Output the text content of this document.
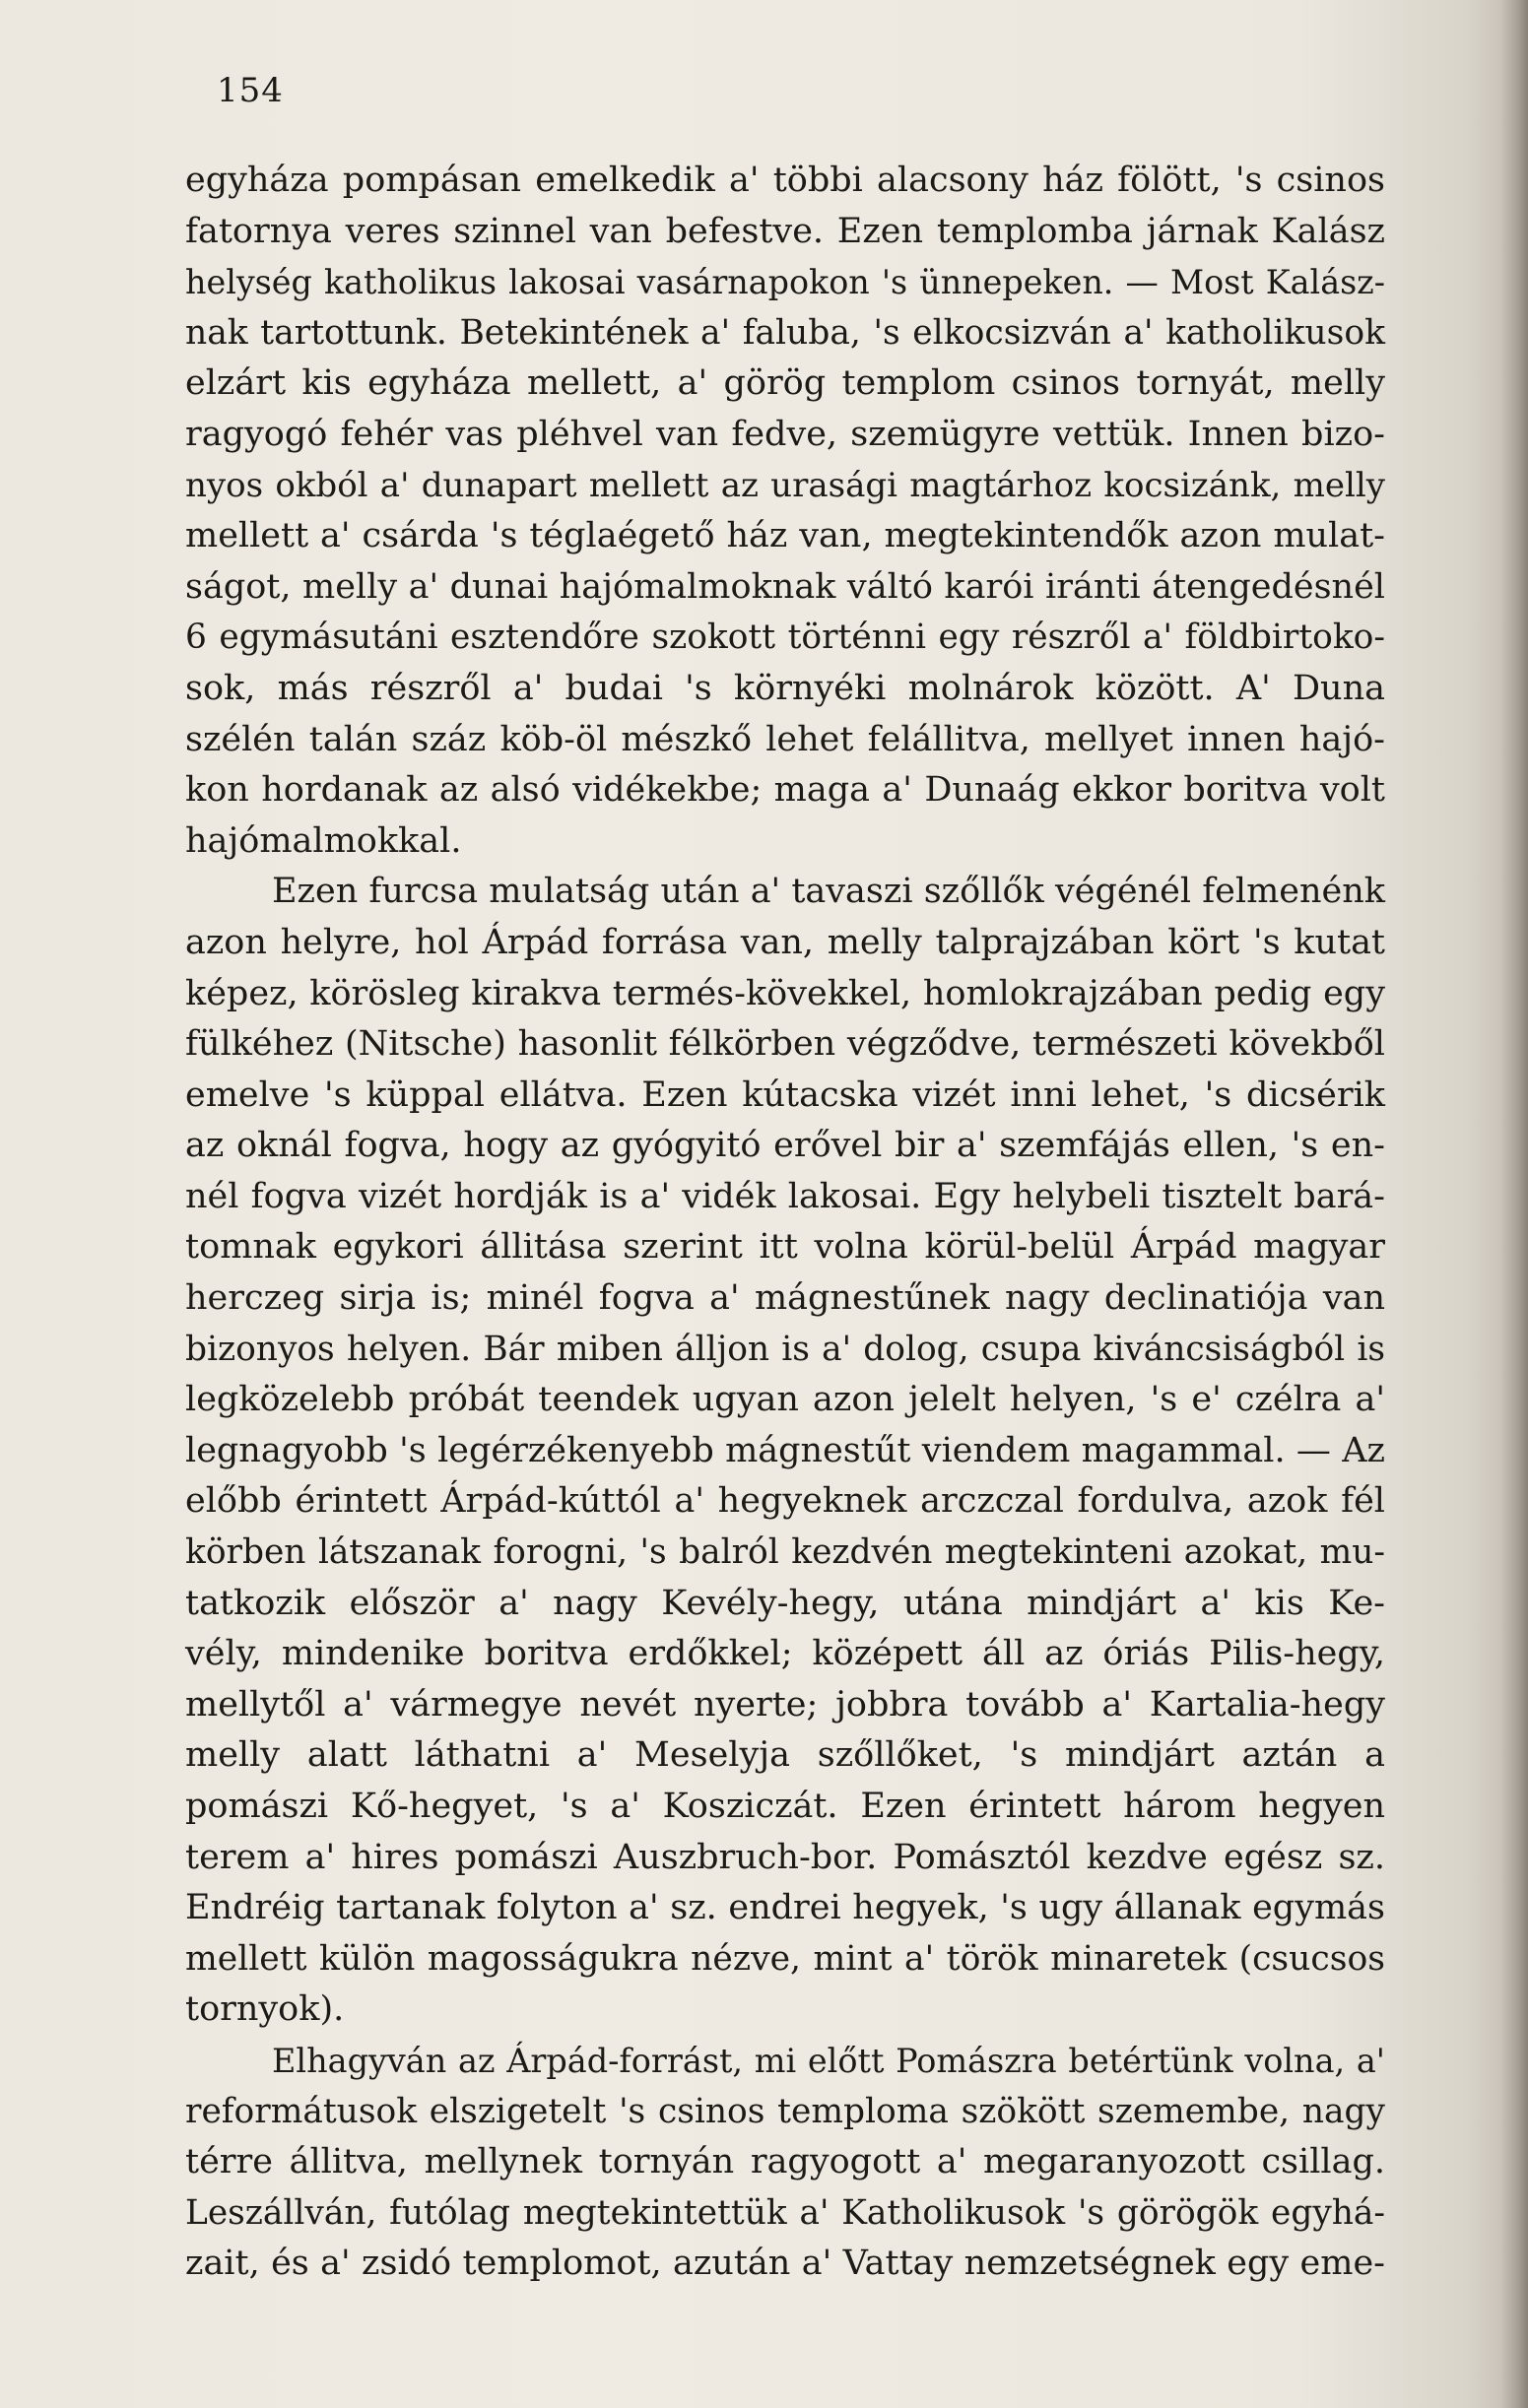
154
egyháza pompásan emelkedik a' többi alacsony ház fölött, 's csinos
fatornya veres szinnel van befestve. Ezen templomba járnak Kalász
helység katholikus lakosai vasárnapokon 's ünnepeken. — Most Kalász-
nak tartottunk. Betekintének a' faluba, 's elkocsizván a' katholikusok
elzárt kis egyháza mellett, a' görög templom csinos tornyát, melly
ragyogó fehér vas pléhvel van fedve, szemügyre vettük. Innen bizo-
nyos okból a' dunapart mellett az urasági magtárhoz kocsizánk, melly
mellett a' csárda 's téglaégető ház van, megtekintendők azon mulat-
ságot, melly a' dunai hajómalmoknak váltó karói iránti átengedésnél
6 egymásutáni esztendőre szokott történni egy részről a' földbirtoko-
sok, más részről a' budai 's környéki molnárok között. A' Duna
szélén talán száz köb-öl mészkő lehet felállitva, mellyet innen hajó-
kon hordanak az alsó vidékekbe; maga a' Dunaág ekkor boritva volt
hajómalmokkal.
Ezen furcsa mulatság után a' tavaszi szőllők végénél felmenénk
azon helyre, hol Árpád forrása van, melly talprajzában kört 's kutat
képez, körösleg kirakva termés-kövekkel, homlokrajzában pedig egy
fülkéhez (Nitsche) hasonlit félkörben végződve, természeti kövekből
emelve 's küppal ellátva. Ezen kútacska vizét inni lehet, 's dicsérik
az oknál fogva, hogy az gyógyitó erővel bir a' szemfájás ellen, 's en-
nél fogva vizét hordják is a' vidék lakosai. Egy helybeli tisztelt bará-
tomnak egykori állitása szerint itt volna körül-belül Árpád magyar
herczeg sirja is; minél fogva a' mágnestűnek nagy declinatiója van
bizonyos helyen. Bár miben álljon is a' dolog, csupa kiváncsiságból is
legközelebb próbát teendek ugyan azon jelelt helyen, 's e' czélra a'
legnagyobb 's legérzékenyebb mágnestűt viendem magammal. — Az
előbb érintett Árpád-kúttól a' hegyeknek arczczal fordulva, azok fél
körben látszanak forogni, 's balról kezdvén megtekinteni azokat, mu-
tatkozik először a' nagy Kevély-hegy, utána mindjárt a' kis Ke-
vély, mindenike boritva erdőkkel; középett áll az óriás Pilis-hegy,
mellytől a' vármegye nevét nyerte; jobbra tovább a' Kartalia-hegy
melly alatt láthatni a' Meselyja szőllőket, 's mindjárt aztán a
pomászi Kő-hegyet, 's a' Kosziczát. Ezen érintett három hegyen
terem a' hires pomászi Auszbruch-bor. Pomásztól kezdve egész sz.
Endréig tartanak folyton a' sz. endrei hegyek, 's ugy állanak egymás
mellett külön magosságukra nézve, mint a' török minaretek (csucsos
tornyok).
Elhagyván az Árpád-forrást, mi előtt Pomászra betértünk volna, a'
reformátusok elszigetelt 's csinos temploma szökött szemembe, nagy
térre állitva, mellynek tornyán ragyogott a' megaranyozott csillag.
Leszállván, futólag megtekintettük a' Katholikusok 's görögök egyhá-
zait, és a' zsidó templomot, azután a' Vattay nemzetségnek egy eme-
